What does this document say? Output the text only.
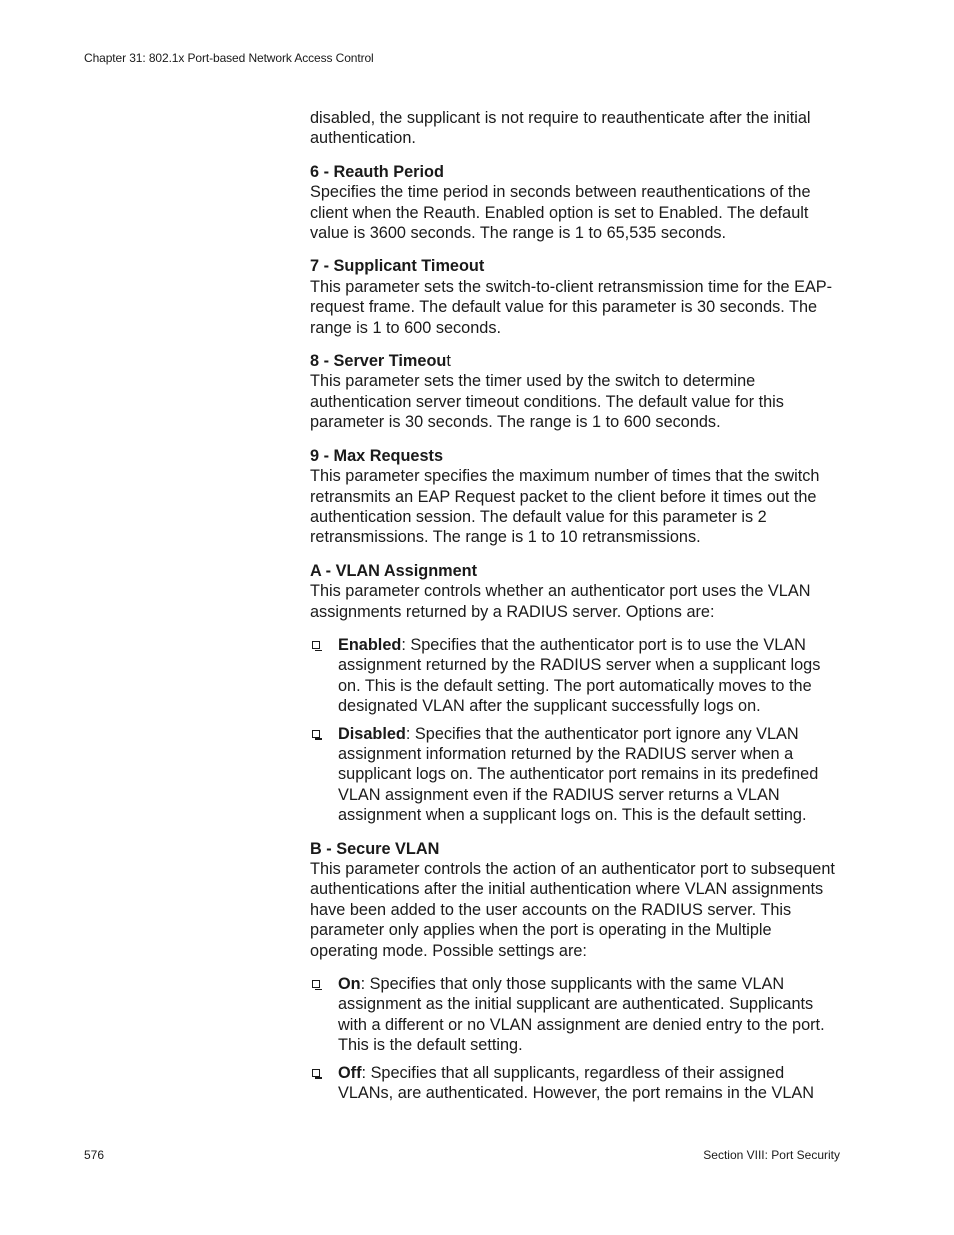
Chapter 31: 802.1x Port-based Network Access Control

disabled, the supplicant is not require to reauthenticate after the initial authentication.

6 - Reauth Period
Specifies the time period in seconds between reauthentications of the client when the Reauth. Enabled option is set to Enabled. The default value is 3600 seconds. The range is 1 to 65,535 seconds.
7 - Supplicant Timeout
This parameter sets the switch-to-client retransmission time for the EAP-request frame. The default value for this parameter is 30 seconds. The range is 1 to 600 seconds.
8 - Server Timeout
This parameter sets the timer used by the switch to determine authentication server timeout conditions. The default value for this parameter is 30 seconds. The range is 1 to 600 seconds.
9 - Max Requests
This parameter specifies the maximum number of times that the switch retransmits an EAP Request packet to the client before it times out the authentication session. The default value for this parameter is 2 retransmissions. The range is 1 to 10 retransmissions.
A - VLAN Assignment
This parameter controls whether an authenticator port uses the VLAN assignments returned by a RADIUS server. Options are:
Enabled: Specifies that the authenticator port is to use the VLAN assignment returned by the RADIUS server when a supplicant logs on. This is the default setting. The port automatically moves to the designated VLAN after the supplicant successfully logs on.
Disabled: Specifies that the authenticator port ignore any VLAN assignment information returned by the RADIUS server when a supplicant logs on. The authenticator port remains in its predefined VLAN assignment even if the RADIUS server returns a VLAN assignment when a supplicant logs on. This is the default setting.
B - Secure VLAN
This parameter controls the action of an authenticator port to subsequent authentications after the initial authentication where VLAN assignments have been added to the user accounts on the RADIUS server. This parameter only applies when the port is operating in the Multiple operating mode. Possible settings are:
On: Specifies that only those supplicants with the same VLAN assignment as the initial supplicant are authenticated. Supplicants with a different or no VLAN assignment are denied entry to the port. This is the default setting.
Off: Specifies that all supplicants, regardless of their assigned VLANs, are authenticated. However, the port remains in the VLAN
576	Section VIII: Port Security
